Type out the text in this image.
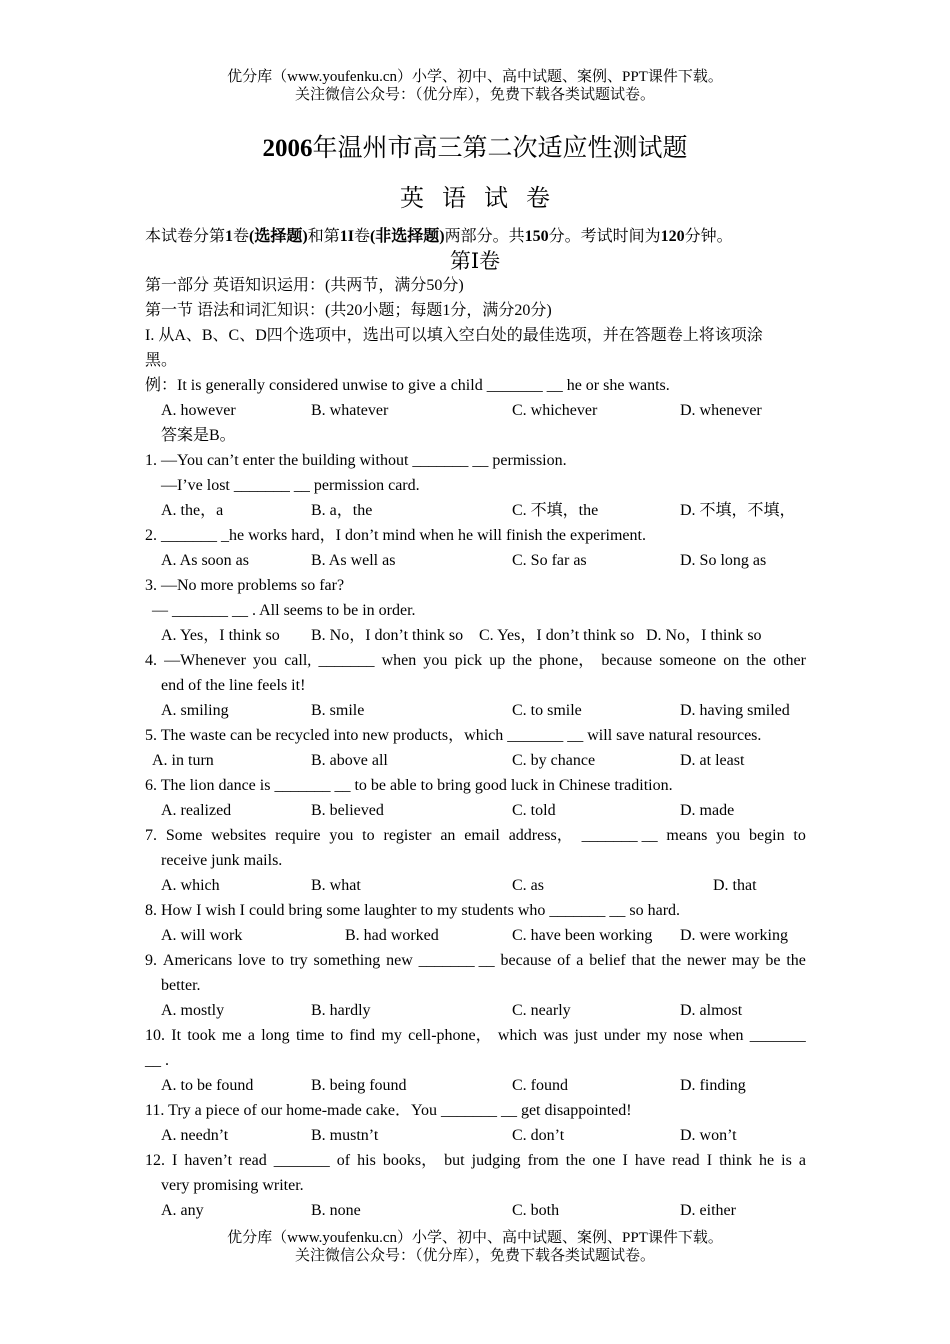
优分库（www.youfenku.cn）小学、初中、高中试题、案例、PPT课件下载。
关注微信公众号：（优分库），免费下载各类试题试卷。
2006年温州市高三第二次适应性测试题
英语试卷
本试卷分第1卷(选择题)和第1I卷(非选择题)两部分。共150分。考试时间为120分钟。
第Ⅰ卷
第一部分 英语知识运用：(共两节，满分50分)
第一节 语法和词汇知识：(共20小题；每题1分，满分20分)
I. 从A、B、C、D四个选项中，选出可以填入空白处的最佳选项，并在答题卷上将该项涂
黑。
例：It is generally considered unwise to give a child _______ __ he or she wants.
A. however	B. whatever	C. whichever	D. whenever
答案是B。
1. —You can’t enter the building without _______ __ permission.
—I’ve lost _______ __ permission card.
A. the，a	B. a，the	C. 不填，the	D. 不填，不填，
2. _______ _he works hard，I don’t mind when he will finish the experiment.
A. As soon as	B. As well as	C. So far as	D. So long as
3. —No more problems so far?
— _______ __ . All seems to be in order.
A. Yes，I think so B. No，I don’t think so C. Yes，I don’t think so D. No，I think so
4. —Whenever you call, _______ when you pick up the phone， because someone on the other
end of the line feels it!
A. smiling	B. smile	C. to smile	D. having smiled
5. The waste can be recycled into new products，which _______ __ will save natural resources.
A. in turn	B. above all	C. by chance	D. at least
6. The lion dance is _______ __ to be able to bring good luck in Chinese tradition.
A. realized	B. believed	C. told	D. made
7. Some websites require you to register an email address， _______ __ means you begin to
receive junk mails.
A. which	B. what	C. as	D. that
8. How I wish I could bring some laughter to my students who _______ __ so hard.
A. will work	B. had worked	C. have been working D. were working
9. Americans love to try something new _______ __ because of a belief that the newer may be the
better.
A. mostly	B. hardly	C. nearly	D. almost
10. It took me a long time to find my cell-phone， which was just under my nose when _______
__ .
A. to be found	B. being found	C. found	D. finding
11. Try a piece of our home-made cake．You _______ __ get disappointed!
A. needn’t	B. mustn’t	C. don’t	D. won’t
12. I haven’t read _______ of his books， but judging from the one I have read I think he is a
very promising writer.
A. any	B. none	C. both	D. either
优分库（www.youfenku.cn）小学、初中、高中试题、案例、PPT课件下载。
关注微信公众号：（优分库），免费下载各类试题试卷。
